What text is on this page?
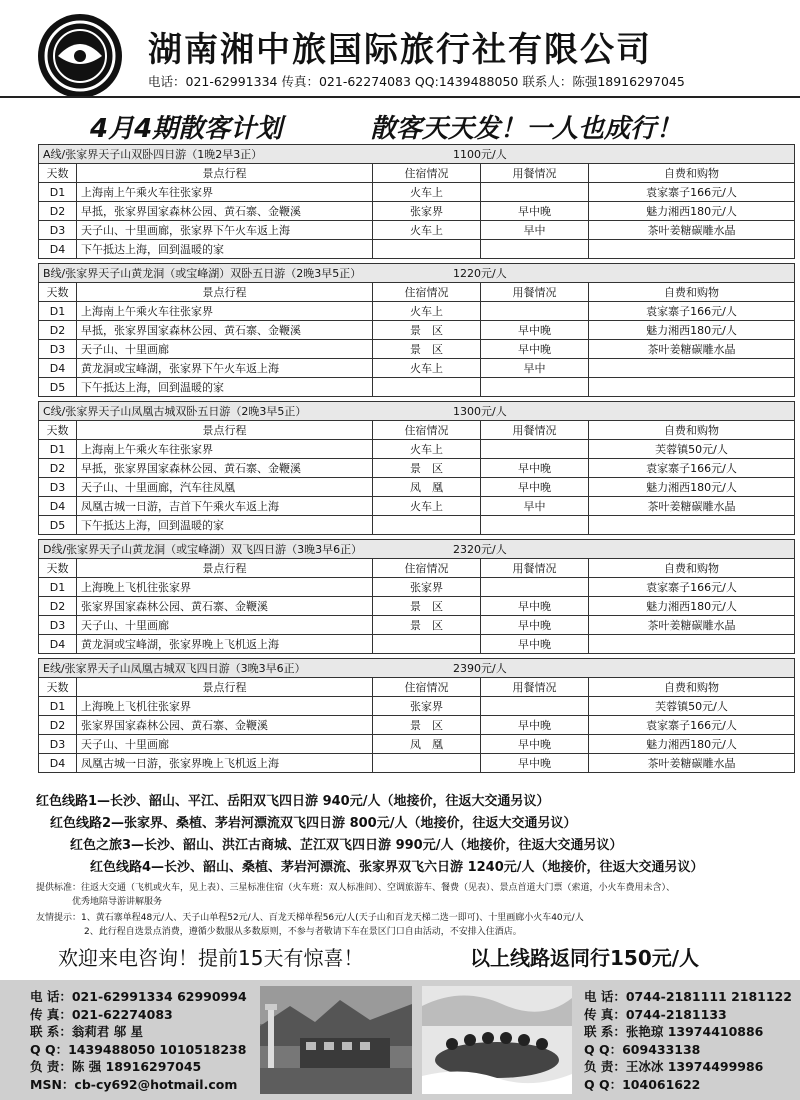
湖南湘中旅国际旅行社有限公司
电话：021-62991334 传真：021-62274083 QQ:1439488050 联系人：陈强18916297045
4月4期散客计划	散客天天发！一人也成行！
A线/张家界天子山双卧四日游（1晚2早3正） 1100元/人				
天数	景点行程	住宿情况	用餐情况	自费和购物
D1	上海南上午乘火车往张家界	火车上		袁家寨子166元/人
D2	早抵，张家界国家森林公园、黄石寨、金鞭溪	张家界	早中晚	魅力湘西180元/人
D3	天子山、十里画廊，张家界下午火车返上海	火车上	早中	茶叶姜糖碳雕水晶
D4	下午抵达上海，回到温暖的家			
B线/张家界天子山黄龙洞（或宝峰湖）双卧五日游（2晚3早5正） 1220元/人				
天数	景点行程	住宿情况	用餐情况	自费和购物
D1	上海南上午乘火车往张家界	火车上		袁家寨子166元/人
D2	早抵，张家界国家森林公园、黄石寨、金鞭溪	景　区	早中晚	魅力湘西180元/人
D3	天子山、十里画廊	景　区	早中晚	茶叶姜糖碳雕水晶
D4	黄龙洞或宝峰湖，张家界下午火车返上海	火车上	早中	
D5	下午抵达上海，回到温暖的家			
C线/张家界天子山凤凰古城双卧五日游（2晚3早5正） 1300元/人				
天数	景点行程	住宿情况	用餐情况	自费和购物
D1	上海南上午乘火车往张家界	火车上		芙蓉镇50元/人
D2	早抵，张家界国家森林公园、黄石寨、金鞭溪	景　区	早中晚	袁家寨子166元/人
D3	天子山、十里画廊，汽车往凤凰	凤　凰	早中晚	魅力湘西180元/人
D4	凤凰古城一日游，吉首下午乘火车返上海	火车上	早中	茶叶姜糖碳雕水晶
D5	下午抵达上海，回到温暖的家			
D线/张家界天子山黄龙洞（或宝峰湖）双飞四日游（3晚3早6正） 2320元/人				
天数	景点行程	住宿情况	用餐情况	自费和购物
D1	上海晚上飞机往张家界	张家界		袁家寨子166元/人
D2	张家界国家森林公园、黄石寨、金鞭溪	景　区	早中晚	魅力湘西180元/人
D3	天子山、十里画廊	景　区	早中晚	茶叶姜糖碳雕水晶
D4	黄龙洞或宝峰湖，张家界晚上飞机返上海		早中晚	
E线/张家界天子山凤凰古城双飞四日游（3晚3早6正） 2390元/人				
天数	景点行程	住宿情况	用餐情况	自费和购物
D1	上海晚上飞机往张家界	张家界		芙蓉镇50元/人
D2	张家界国家森林公园、黄石寨、金鞭溪	景　区	早中晚	袁家寨子166元/人
D3	天子山、十里画廊	凤　凰	早中晚	魅力湘西180元/人
D4	凤凰古城一日游，张家界晚上飞机返上海		早中晚	茶叶姜糖碳雕水晶
红色线路1—长沙、韶山、平江、岳阳双飞四日游 940元/人（地接价，往返大交通另议）
红色线路2—张家界、桑植、茅岩河漂流双飞四日游 800元/人（地接价，往返大交通另议）
红色之旅3—长沙、韶山、洪江古商城、芷江双飞四日游 990元/人（地接价，往返大交通另议）
红色线路4—长沙、韶山、桑植、茅岩河漂流、张家界双飞六日游 1240元/人（地接价，往返大交通另议）
提供标准：往返大交通（飞机或火车，见上表）、三星标准住宿（火车班：双人标准间）、空调旅游车、餐费（见表）、景点首道大门票（索道，小火车费用未含）、
优秀地陪导游讲解服务
友情提示：1、黄石寨单程48元/人、天子山单程52元/人、百龙天梯单程56元/人(天子山和百龙天梯二选一即可)、十里画廊小火车40元/人
2、此行程自选景点消费，遵循少数服从多数原则，不参与者敬请下车在景区门口自由活动，不安排入住酒店。
欢迎来电咨询！提前15天有惊喜！	以上线路返同行150元/人
电 话：021-62991334 62990994
传 真：021-62274083
联 系：翁莉君 邬 星
Q Q：1439488050 1010518238
负 责：陈 强 18916297045
MSN：cb-cy692@hotmail.com
电 话：0744-2181111 2181122
传 真：0744-2181133
联 系：张艳琼 13974410886
Q Q：609433138
负 责：王冰冰 13974499986
Q Q：104061622
